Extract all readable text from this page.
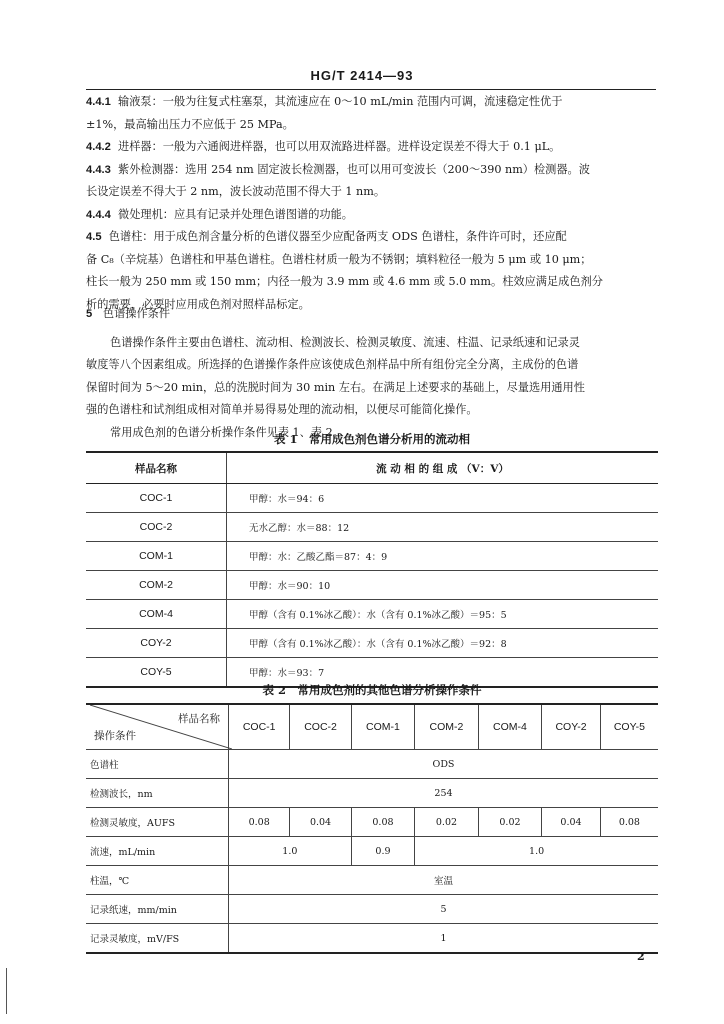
HG/T 2414—93

4.4.1 输液泵：一般为往复式柱塞泵，其流速应在 0～10 mL/min 范围内可调，流速稳定性优于

±1%，最高输出压力不应低于 25 MPa。

4.4.2 进样器：一般为六通阀进样器，也可以用双流路进样器。进样设定误差不得大于 0.1 μL。

4.4.3 紫外检测器：选用 254 nm 固定波长检测器，也可以用可变波长（200～390 nm）检测器。波

长设定误差不得大于 2 nm，波长波动范围不得大于 1 nm。

4.4.4 微处理机：应具有记录并处理色谱图谱的功能。

4.5 色谱柱：用于成色剂含量分析的色谱仪器至少应配备两支 ODS 色谱柱，条件许可时，还应配

备 C₈（辛烷基）色谱柱和甲基色谱柱。色谱柱材质一般为不锈钢；填料粒径一般为 5 μm 或 10 μm；

柱长一般为 250 mm 或 150 mm；内径一般为 3.9 mm 或 4.6 mm 或 5.0 mm。柱效应满足成色剂分

析的需要，必要时应用成色剂对照样品标定。

5 色谱操作条件

色谱操作条件主要由色谱柱、流动相、检测波长、检测灵敏度、流速、柱温、记录纸速和记录灵

敏度等八个因素组成。所选择的色谱操作条件应该使成色剂样品中所有组份完全分离，主成份的色谱

保留时间为 5～20 min，总的洗脱时间为 30 min 左右。在满足上述要求的基础上，尽量选用通用性

强的色谱柱和试剂组成相对简单并易得易处理的流动相，以便尽可能简化操作。

常用成色剂的色谱分析操作条件见表 1、表 2。

表 1　常用成色剂色谱分析用的流动相
样品名称	流 动 相 的 组 成 （V：V）
COC-1	甲醇：水＝94：6
COC-2	无水乙醇：水＝88：12
COM-1	甲醇：水：乙酸乙酯＝87：4：9
COM-2	甲醇：水＝90：10
COM-4	甲醇（含有 0.1%冰乙酸）：水（含有 0.1%冰乙酸）＝95：5
COY-2	甲醇（含有 0.1%冰乙酸）：水（含有 0.1%冰乙酸）＝92：8
COY-5	甲醇：水＝93：7
表 2　常用成色剂的其他色谱分析操作条件
样品名称
操作条件	COC-1	COC-2	COM-1	COM-2	COM-4	COY-2	COY-5
色谱柱	ODS						
检测波长，nm	254						
检测灵敏度，AUFS	0.08	0.04	0.08	0.02	0.02	0.04	0.08
流速，mL/min	1.0		0.9	1.0			
柱温，℃	室温						
记录纸速，mm/min	5						
记录灵敏度，mV/FS	1						
2
